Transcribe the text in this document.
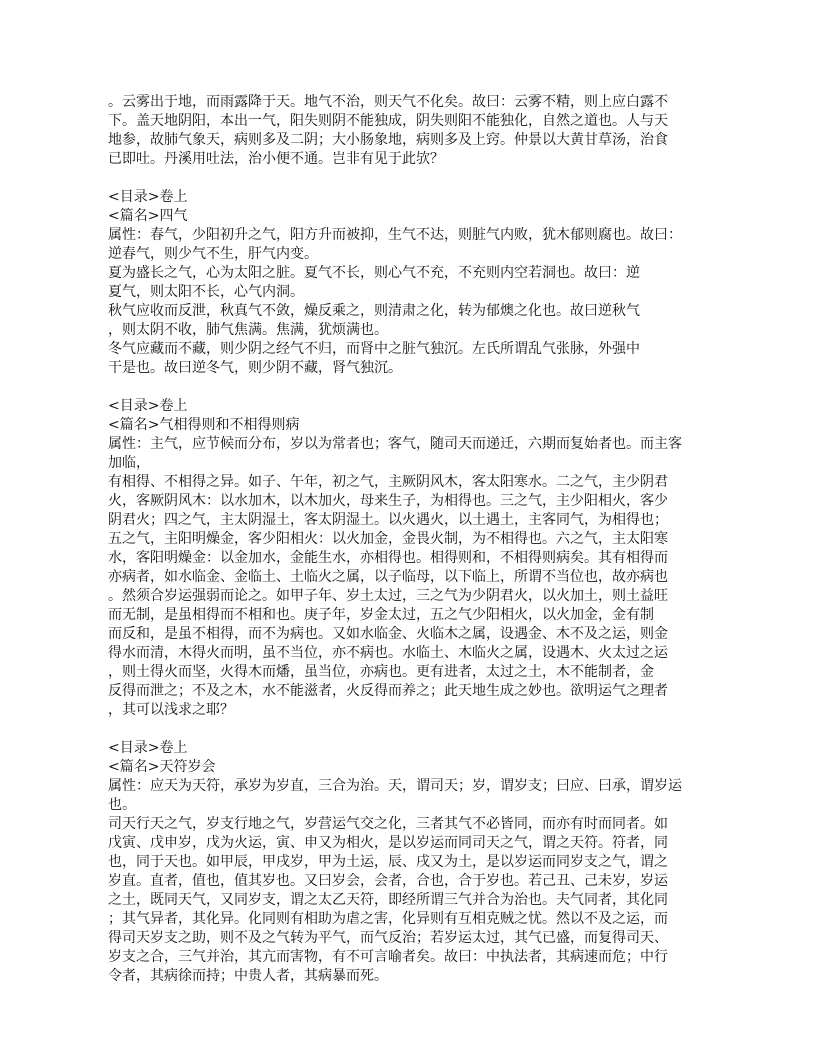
。云雾出于地，而雨露降于天。地气不治，则天气不化矣。故曰：云雾不精，则上应白露不
下。盖天地阴阳，本出一气，阳失则阴不能独成，阴失则阳不能独化，自然之道也。人与天
地参，故肺气象天，病则多及二阴；大小肠象地，病则多及上窍。仲景以大黄甘草汤，治食
已即吐。丹溪用吐法，治小便不通。岂非有见于此欤？
<目录>卷上
<篇名>四气
属性：春气，少阳初升之气，阳方升而被抑，生气不达，则脏气内败，犹木郁则腐也。故曰：
逆春气，则少气不生，肝气内变。
夏为盛长之气，心为太阳之脏。夏气不长，则心气不充，不充则内空若洞也。故曰：逆
夏气，则太阳不长，心气内洞。
秋气应收而反泄，秋真气不敛，燥反乘之，则清肃之化，转为郁燠之化也。故曰逆秋气
，则太阴不收，肺气焦满。焦满，犹烦满也。
冬气应藏而不藏，则少阴之经气不归，而肾中之脏气独沉。左氏所谓乱气张脉，外强中
干是也。故曰逆冬气，则少阴不藏，肾气独沉。
<目录>卷上
<篇名>气相得则和不相得则病
属性：主气，应节候而分布，岁以为常者也；客气，随司天而递迁，六期而复始者也。而主客
加临，
有相得、不相得之异。如子、午年，初之气，主厥阴风木，客太阳寒水。二之气，主少阴君
火，客厥阴风木：以水加木，以木加火，母来生子，为相得也。三之气，主少阳相火，客少
阴君火；四之气，主太阴湿土，客太阴湿土。以火遇火，以土遇土，主客同气，为相得也；
五之气，主阳明燥金，客少阳相火：以火加金，金畏火制，为不相得也。六之气，主太阳寒
水，客阳明燥金：以金加水，金能生水，亦相得也。相得则和，不相得则病矣。其有相得而
亦病者，如水临金、金临土、土临火之属，以子临母，以下临上，所谓不当位也，故亦病也
。然须合岁运强弱而论之。如甲子年、岁土太过，三之气为少阴君火，以火加土，则土益旺
而无制，是虽相得而不相和也。庚子年，岁金太过，五之气少阳相火，以火加金，金有制
而反和，是虽不相得，而不为病也。又如水临金、火临木之属，设遇金、木不及之运，则金
得水而清，木得火而明，虽不当位，亦不病也。水临土、木临火之属，设遇木、火太过之运
，则土得火而坚，火得木而燔，虽当位，亦病也。更有进者，太过之土，木不能制者，金
反得而泄之；不及之木，水不能滋者，火反得而养之；此天地生成之妙也。欲明运气之理者
，其可以浅求之耶？
<目录>卷上
<篇名>天符岁会
属性：应天为天符，承岁为岁直，三合为治。天，谓司天；岁，谓岁支；曰应、曰承，谓岁运
也。
司天行天之气，岁支行地之气，岁营运气交之化，三者其气不必皆同，而亦有时而同者。如
戊寅、戊申岁，戊为火运，寅、申又为相火，是以岁运而同司天之气，谓之天符。符者，同
也，同于天也。如甲辰，甲戌岁，甲为土运，辰、戌又为土，是以岁运而同岁支之气，谓之
岁直。直者，值也，值其岁也。又曰岁会，会者，合也，合于岁也。若己丑、己未岁，岁运
之土，既同天气，又同岁支，谓之太乙天符，即经所谓三气并合为治也。夫气同者，其化同
；其气异者，其化异。化同则有相助为虐之害，化异则有互相克贼之忧。然以不及之运，而
得司天岁支之助，则不及之气转为平气，而气反治；若岁运太过，其气已盛，而复得司天、
岁支之合，三气并治，其亢而害物，有不可言喻者矣。故曰：中执法者，其病速而危；中行
令者，其病徐而持；中贵人者，其病暴而死。
